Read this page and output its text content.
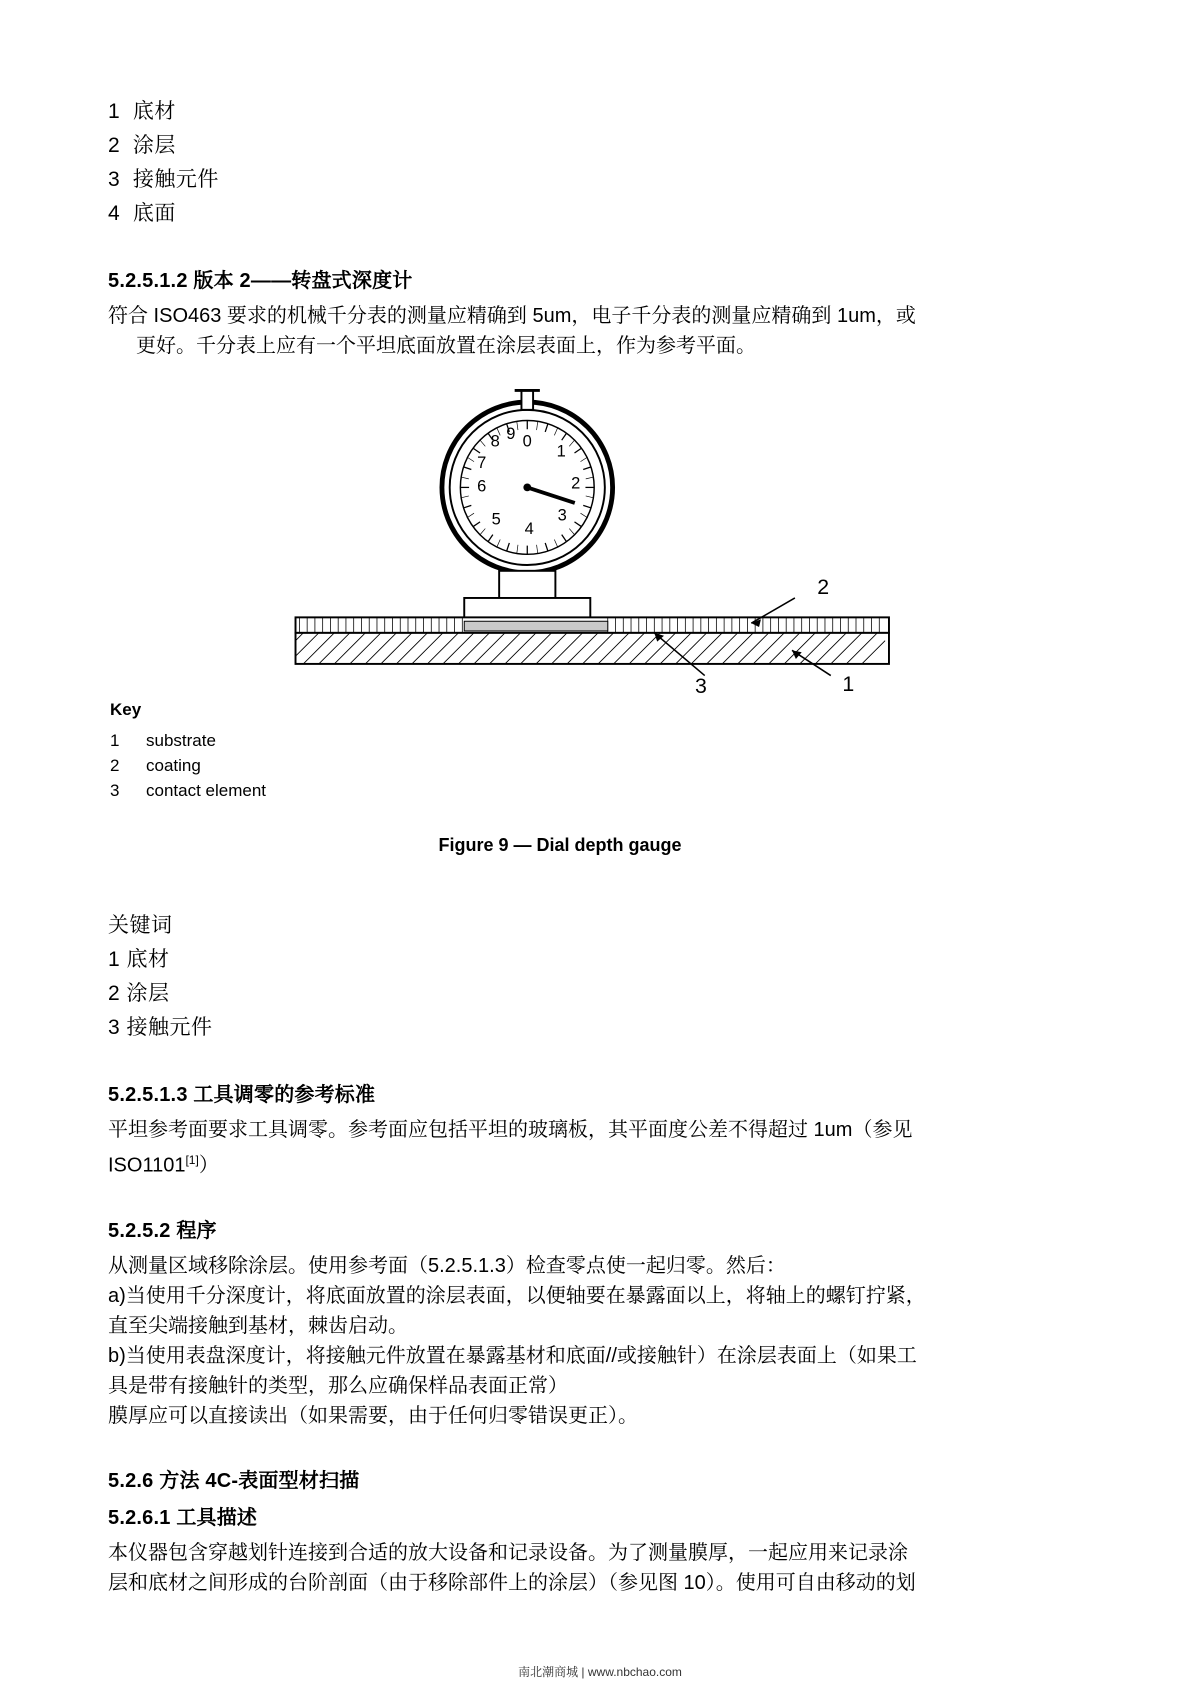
1  底材
2  涂层
3  接触元件
4  底面
5.2.5.1.2 版本 2——转盘式深度计

符合 ISO463 要求的机械千分表的测量应精确到 5um，电子千分表的测量应精确到 1um，或

更好。千分表上应有一个平坦底面放置在涂层表面上，作为参考平面。

0
1
2
3
4
5
6
7
8 9
2
1
3
Key
1 substrate
2 coating
3 contact element
Figure 9 — Dial depth gauge
关键词
1 底材
2 涂层
3 接触元件
5.2.5.1.3 工具调零的参考标准

平坦参考面要求工具调零。参考面应包括平坦的玻璃板，其平面度公差不得超过 1um（参见

ISO1101[1]）

5.2.5.2 程序

从测量区域移除涂层。使用参考面（5.2.5.1.3）检查零点使一起归零。然后：

a)当使用千分深度计，将底面放置的涂层表面，以便轴要在暴露面以上，将轴上的螺钉拧紧，

直至尖端接触到基材，棘齿启动。

b)当使用表盘深度计，将接触元件放置在暴露基材和底面//或接触针）在涂层表面上（如果工

具是带有接触针的类型，那么应确保样品表面正常）

膜厚应可以直接读出（如果需要，由于任何归零错误更正）。

5.2.6 方法 4C-表面型材扫描
5.2.6.1 工具描述

本仪器包含穿越划针连接到合适的放大设备和记录设备。为了测量膜厚，一起应用来记录涂

层和底材之间形成的台阶剖面（由于移除部件上的涂层）（参见图 10）。使用可自由移动的划

南北潮商城 | www.nbchao.com
